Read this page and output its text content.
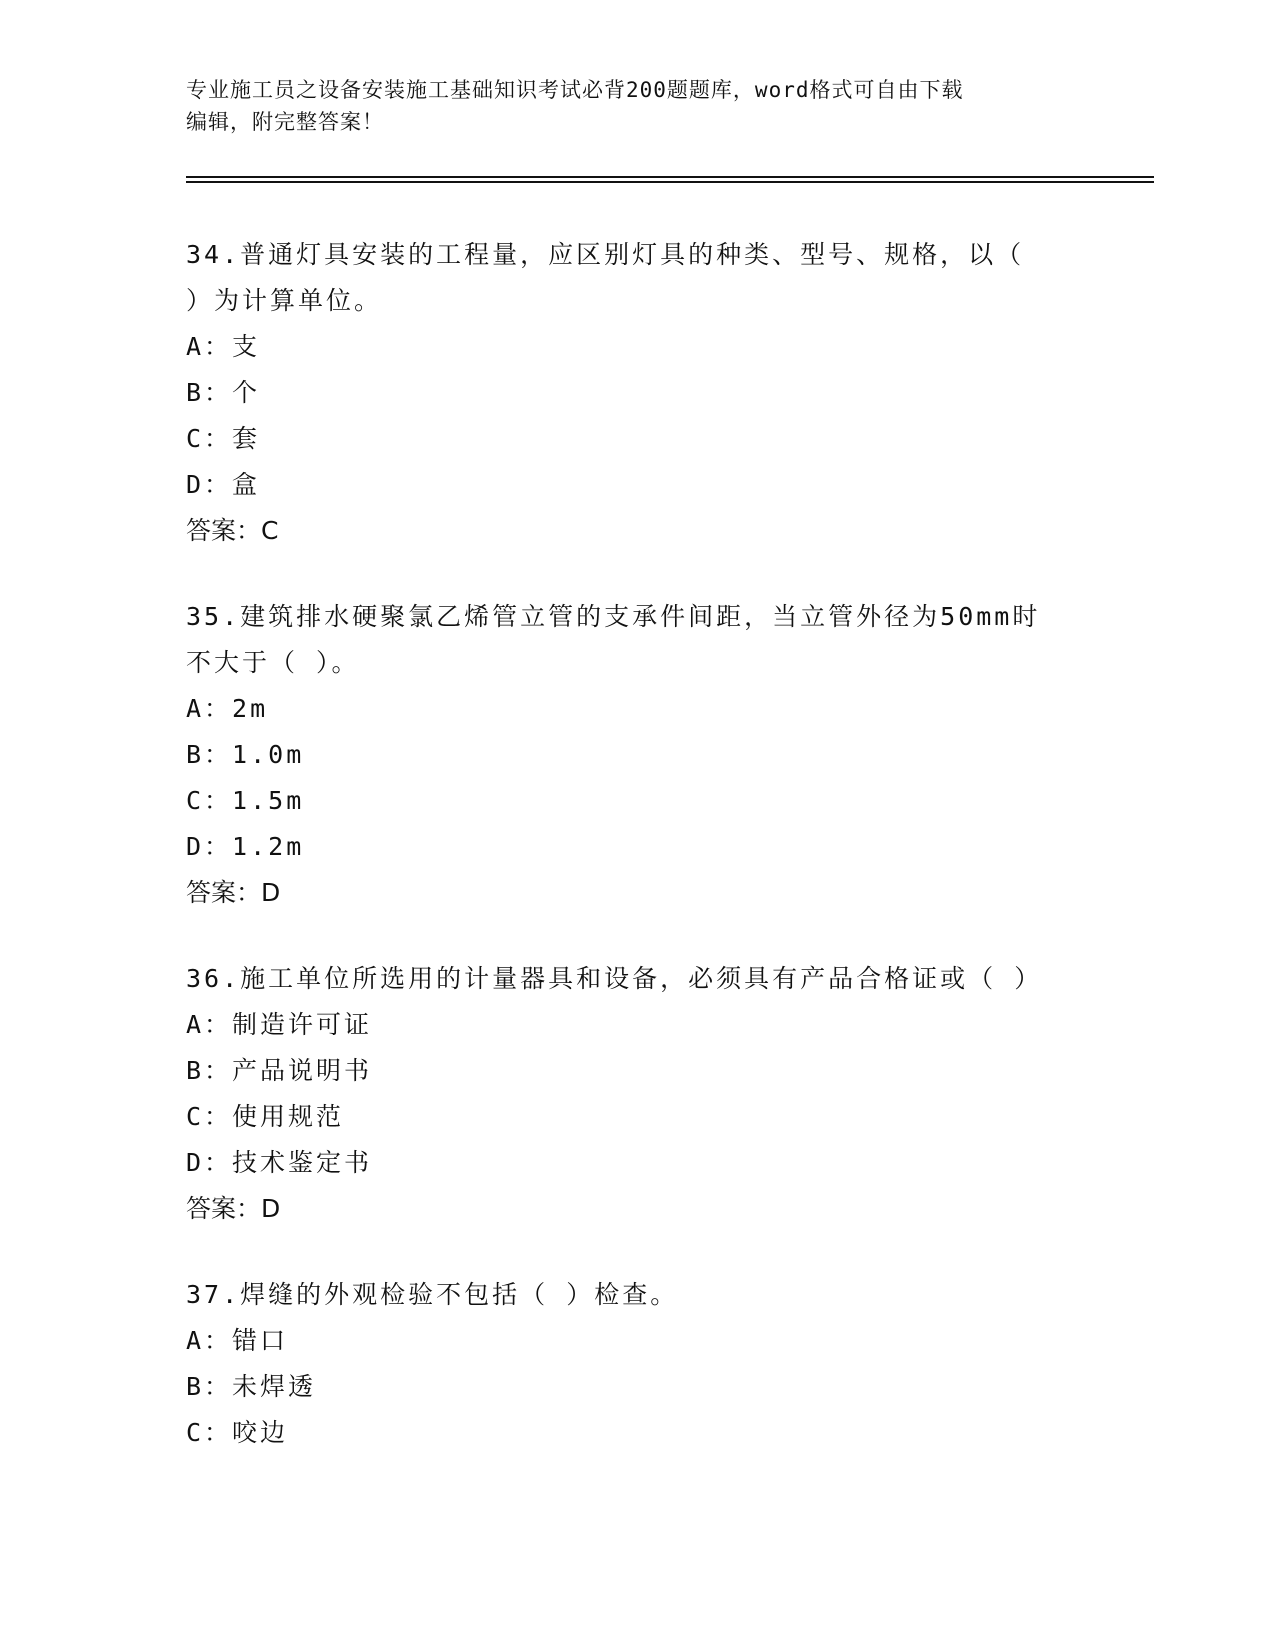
专业施工员之设备安装施工基础知识考试必背200题题库，word格式可自由下载
编辑，附完整答案！

34.普通灯具安装的工程量，应区别灯具的种类、型号、规格，以（

）为计算单位。

A：支

B：个

C：套

D：盒

答案：C

35.建筑排水硬聚氯乙烯管立管的支承件间距，当立管外径为50mm时

不大于（ ）。

A：2m

B：1.0m

C：1.5m

D：1.2m

答案：D

36.施工单位所选用的计量器具和设备，必须具有产品合格证或（ ）

A：制造许可证

B：产品说明书

C：使用规范

D：技术鉴定书

答案：D

37.焊缝的外观检验不包括（ ）检查。

A：错口

B：未焊透

C：咬边
